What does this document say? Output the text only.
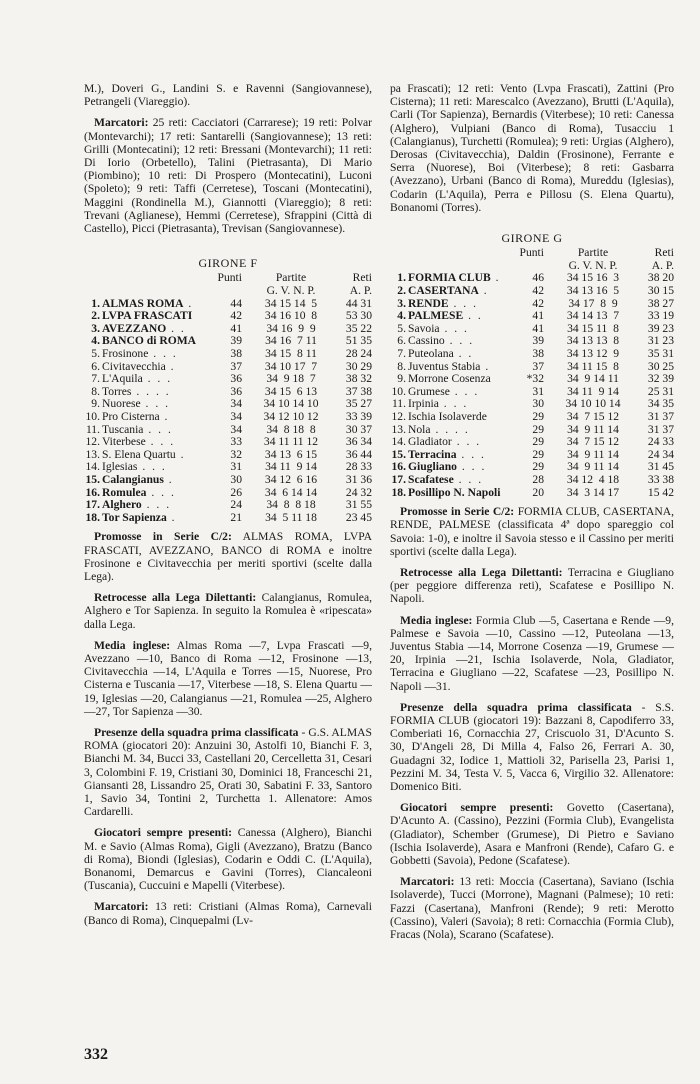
M.), Doveri G., Landini S. e Ravenni (Sangiovannese), Petrangeli (Viareggio).

Marcatori: 25 reti: Cacciatori (Carrarese); 19 reti: Polvar (Montevarchi); 17 reti: Santarelli (Sangiovannese); 13 reti: Grilli (Montecatini); 12 reti: Bressani (Montevarchi); 11 reti: Di Iorio (Orbetello), Talini (Pietrasanta), Di Mario (Piombino); 10 reti: Di Prospero (Montecatini), Luconi (Spoleto); 9 reti: Taffi (Cerretese), Toscani (Montecatini), Maggini (Rondinella M.), Giannotti (Viareggio); 8 reti: Trevani (Aglianese), Hemmi (Cerretese), Sfrappini (Città di Castello), Picci (Pietrasanta), Trevisan (Sangiovannese).

GIRONE F
		Punti	Partite	Reti
			G. V. N. P.	A. P.
1.	ALMAS ROMA .	44	34 15 14  5	44 31
2.	LVPA FRASCATI	42	34 16 10  8	53 30
3.	AVEZZANO . .	41	34 16  9  9	35 22
4.	BANCO di ROMA	39	34 16  7 11	51 35
5.	Frosinone . . .	38	34 15  8 11	28 24
6.	Civitavecchia .	37	34 10 17  7	30 29
7.	L'Aquila . . .	36	34  9 18  7	38 32
8.	Torres . . . .	36	34 15  6 13	37 38
9.	Nuorese . . .	34	34 10 14 10	35 27
10.	Pro Cisterna .	34	34 12 10 12	33 39
11.	Tuscania . . .	34	34  8 18  8	30 37
12.	Viterbese . . .	33	34 11 11 12	36 34
13.	S. Elena Quartu .	32	34 13  6 15	36 44
14.	Iglesias . . .	31	34 11  9 14	28 33
15.	Calangianus .	30	34 12  6 16	31 36
16.	Romulea . . .	26	34  6 14 14	24 32
17.	Alghero . . .	24	34  8  8 18	31 55
18.	Tor Sapienza .	21	34  5 11 18	23 45

Promosse in Serie C/2: ALMAS ROMA, LVPA FRASCATI, AVEZZANO, BANCO di ROMA e inoltre Frosinone e Civitavecchia per meriti sportivi (scelte dalla Lega).

Retrocesse alla Lega Dilettanti: Calangianus, Romulea, Alghero e Tor Sapienza. In seguito la Romulea è «ripescata» dalla Lega.

Media inglese: Almas Roma —7, Lvpa Frascati —9, Avezzano —10, Banco di Roma —12, Frosinone —13, Civitavecchia —14, L'Aquila e Torres —15, Nuorese, Pro Cisterna e Tuscania —17, Viterbese —18, S. Elena Quartu —19, Iglesias —20, Calangianus —21, Romulea —25, Alghero —27, Tor Sapienza —30.

Presenze della squadra prima classificata - G.S. ALMAS ROMA (giocatori 20): Anzuini 30, Astolfi 10, Bianchi F. 3, Bianchi M. 34, Bucci 33, Castellani 20, Cercelletta 31, Cesari 3, Colombini F. 19, Cristiani 30, Dominici 18, Franceschi 21, Giansanti 28, Lissandro 25, Orati 30, Sabatini F. 33, Santoro 1, Savio 34, Tontini 2, Turchetta 1. Allenatore: Amos Cardarelli.

Giocatori sempre presenti: Canessa (Alghero), Bianchi M. e Savio (Almas Roma), Gigli (Avezzano), Bratzu (Banco di Roma), Biondi (Iglesias), Codarin e Oddi C. (L'Aquila), Bonanomi, Demarcus e Gavini (Torres), Ciancaleoni (Tuscania), Cuccuini e Mapelli (Viterbese).

Marcatori: 13 reti: Cristiani (Almas Roma), Carnevali (Banco di Roma), Cinquepalmi (Lv-

pa Frascati); 12 reti: Vento (Lvpa Frascati), Zattini (Pro Cisterna); 11 reti: Marescalco (Avezzano), Brutti (L'Aquila), Carli (Tor Sapienza), Bernardis (Viterbese); 10 reti: Canessa (Alghero), Vulpiani (Banco di Roma), Tusacciu 1 (Calangianus), Turchetti (Romulea); 9 reti: Urgias (Alghero), Derosas (Civitavecchia), Daldin (Frosinone), Ferrante e Serra (Nuorese), Boi (Viterbese); 8 reti: Gasbarra (Avezzano), Urbani (Banco di Roma), Mureddu (Iglesias), Codarin (L'Aquila), Perra e Pillosu (S. Elena Quartu), Bonanomi (Torres).

GIRONE G
		Punti	Partite	Reti
			G. V. N. P.	A. P.
1.	FORMIA CLUB .	46	34 15 16  3	38 20
2.	CASERTANA .	42	34 13 16  5	30 15
3.	RENDE . . .	42	34 17  8  9	38 27
4.	PALMESE . .	41	34 14 13  7	33 19
5.	Savoia . . .	41	34 15 11  8	39 23
6.	Cassino . . .	39	34 13 13  8	31 23
7.	Puteolana . .	38	34 13 12  9	35 31
8.	Juventus Stabia .	37	34 11 15  8	30 25
9.	Morrone Cosenza	*32	34  9 14 11	32 39
10.	Grumese . . .	31	34 11  9 14	25 31
11.	Irpinia . . .	30	34 10 10 14	34 35
12.	Ischia Isolaverde	29	34  7 15 12	31 37
13.	Nola . . . .	29	34  9 11 14	31 37
14.	Gladiator . . .	29	34  7 15 12	24 33
15.	Terracina . . .	29	34  9 11 14	24 34
16.	Giugliano . . .	29	34  9 11 14	31 45
17.	Scafatese . . .	28	34 12  4 18	33 38
18.	Posillipo N. Napoli	20	34  3 14 17	15 42

Promosse in Serie C/2: FORMIA CLUB, CASERTANA, RENDE, PALMESE (classificata 4ª dopo spareggio col Savoia: 1-0), e inoltre il Savoia stesso e il Cassino per meriti sportivi (scelte dalla Lega).

Retrocesse alla Lega Dilettanti: Terracina e Giugliano (per peggiore differenza reti), Scafatese e Posillipo N. Napoli.

Media inglese: Formia Club —5, Casertana e Rende —9, Palmese e Savoia —10, Cassino —12, Puteolana —13, Juventus Stabia —14, Morrone Cosenza —19, Grumese —20, Irpinia —21, Ischia Isolaverde, Nola, Gladiator, Terracina e Giugliano —22, Scafatese —23, Posillipo N. Napoli —31.

Presenze della squadra prima classificata - S.S. FORMIA CLUB (giocatori 19): Bazzani 8, Capodiferro 33, Comberiati 16, Cornacchia 27, Criscuolo 31, D'Acunto S. 30, D'Angeli 28, Di Milla 4, Falso 26, Ferrari A. 30, Guadagni 32, Iodice 1, Mattioli 32, Parisella 23, Parisi 1, Pezzini M. 34, Testa V. 5, Vacca 6, Virgilio 32. Allenatore: Domenico Biti.

Giocatori sempre presenti: Govetto (Casertana), D'Acunto A. (Cassino), Pezzini (Formia Club), Evangelista (Gladiator), Schember (Grumese), Di Pietro e Saviano (Ischia Isolaverde), Asara e Manfroni (Rende), Cafaro G. e Gobbetti (Savoia), Pedone (Scafatese).

Marcatori: 13 reti: Moccia (Casertana), Saviano (Ischia Isolaverde), Tucci (Morrone), Magnani (Palmese); 10 reti: Fazzi (Casertana), Manfroni (Rende); 9 reti: Merotto (Cassino), Valeri (Savoia); 8 reti: Cornacchia (Formia Club), Fracas (Nola), Scarano (Scafatese).

332
